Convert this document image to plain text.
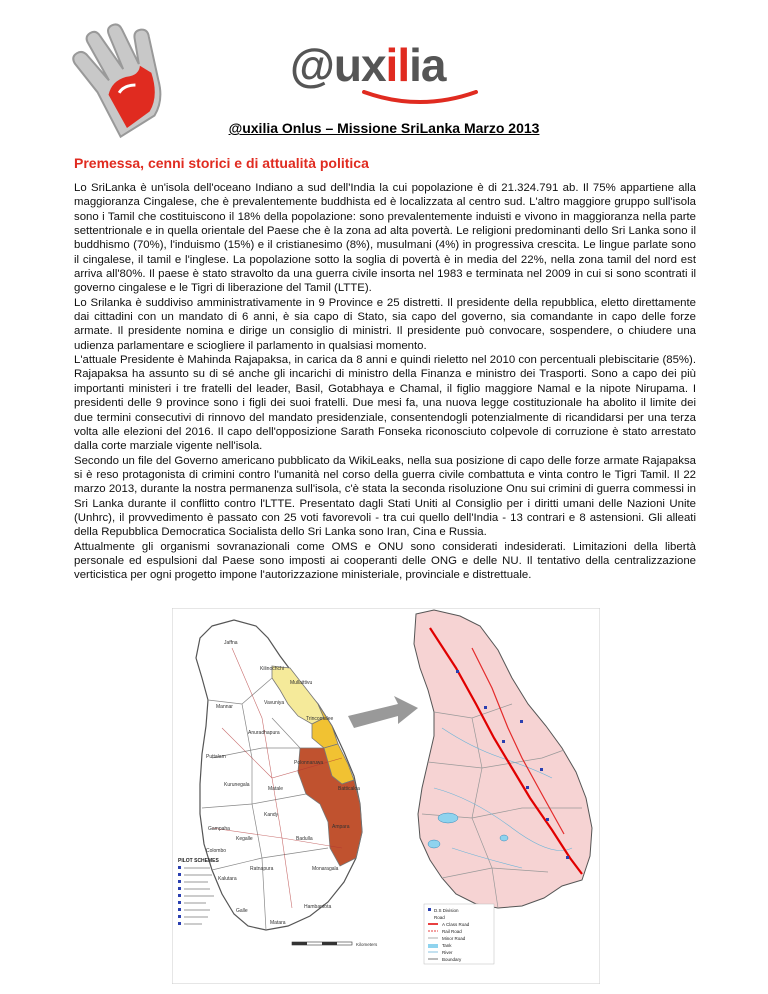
@uxilia
@uxilia Onlus – Missione SriLanka Marzo 2013
Premessa, cenni storici e di attualità politica

Lo SriLanka è un'isola dell'oceano Indiano a sud dell'India la cui popolazione è di 21.324.791 ab. Il 75% appartiene alla maggioranza Cingalese, che è prevalentemente buddhista ed è localizzata al centro sud. L'altro maggiore gruppo sull'isola sono i Tamil che costituiscono il 18% della popolazione: sono prevalentemente induisti e vivono in maggioranza nella parte settentrionale e in quella orientale del Paese che è la zona ad alta povertà. Le religioni predominanti dello Sri Lanka sono il buddhismo (70%), l'induismo (15%) e il cristianesimo (8%), musulmani (4%) in progressiva crescita. Le lingue parlate sono il cingalese, il tamil e l'inglese. La popolazione sotto la soglia di povertà è in media del 22%, nella zona tamil del nord est arriva all'80%. Il paese è stato stravolto da una guerra civile insorta nel 1983 e terminata nel 2009 in cui si sono scontrati il governo cingalese e le Tigri di liberazione del Tamil (LTTE).

Lo Srilanka è suddiviso amministrativamente in 9 Province e 25 distretti. Il presidente della repubblica, eletto direttamente dai cittadini con un mandato di 6 anni, è sia capo di Stato, sia capo del governo, sia comandante in capo delle forze armate. Il presidente nomina e dirige un consiglio di ministri. Il presidente può convocare, sospendere, o chiudere una udienza parlamentare e sciogliere il parlamento in qualsiasi momento.

L'attuale Presidente è Mahinda Rajapaksa, in carica da 8 anni e quindi rieletto nel 2010 con percentuali plebiscitarie (85%). Rajapaksa ha assunto su di sé anche gli incarichi di ministro della Finanza e ministro dei Trasporti. Sono a capo dei più importanti ministeri i tre fratelli del leader, Basil, Gotabhaya e Chamal, il figlio maggiore Namal e la nipote Nirupama. I presidenti delle 9 province sono i figli dei suoi fratelli. Due mesi fa, una nuova legge costituzionale ha abolito il limite dei due termini consecutivi di rinnovo del mandato presidenziale, consentendogli potenzialmente di ricandidarsi per una terza volta alle elezioni del 2016. Il capo dell'opposizione Sarath Fonseka riconosciuto colpevole di corruzione è stato arrestato dalla corte marziale vigente nell'isola.

Secondo un file del Governo americano pubblicato da WikiLeaks, nella sua posizione di capo delle forze armate Rajapaksa si è reso protagonista di crimini contro l'umanità nel corso della guerra civile combattuta e vinta contro le Tigri Tamil. Il 22 marzo 2013, durante la nostra permanenza sull'isola, c'è stata la seconda risoluzione Onu sui crimini di guerra commessi in Sri Lanka durante il conflitto contro l'LTTE. Presentato dagli Stati Uniti al Consiglio per i diritti umani delle Nazioni Unite (Unhrc), il provvedimento è passato con 25 voti favorevoli - tra cui quello dell'India - 13 contrari e 8 astensioni. Gli alleati della Repubblica Democratica Socialista dello Sri Lanka sono Iran, Cina e Russia.

Attualmente gli organismi sovranazionali come OMS e ONU sono considerati indesiderati. Limitazioni della libertà personale ed espulsioni dal Paese sono imposti ai cooperanti delle ONG e delle NU. Il tentativo della centralizzazione verticistica per ogni progetto impone l'autorizzazione ministeriale, provinciale e distrettuale.

Jaffna
Kilinochchi
Mullaittivu
Vavuniya
Mannar
Trincomalee
Anuradhapura
Puttalam
Polonnaruwa
Batticaloa
Kurunegala
Matale
Kandy
Ampara
Badulla
Gampaha
Colombo
Kegalle
Ratnapura	Monaragala
Kalutara
Galle
Matara
Hambantota
PILOT SCHEMES
Kilometers
D.S Division
Road
A Class Road
Rail Road
Minor Road
Tank
River
Boundary
